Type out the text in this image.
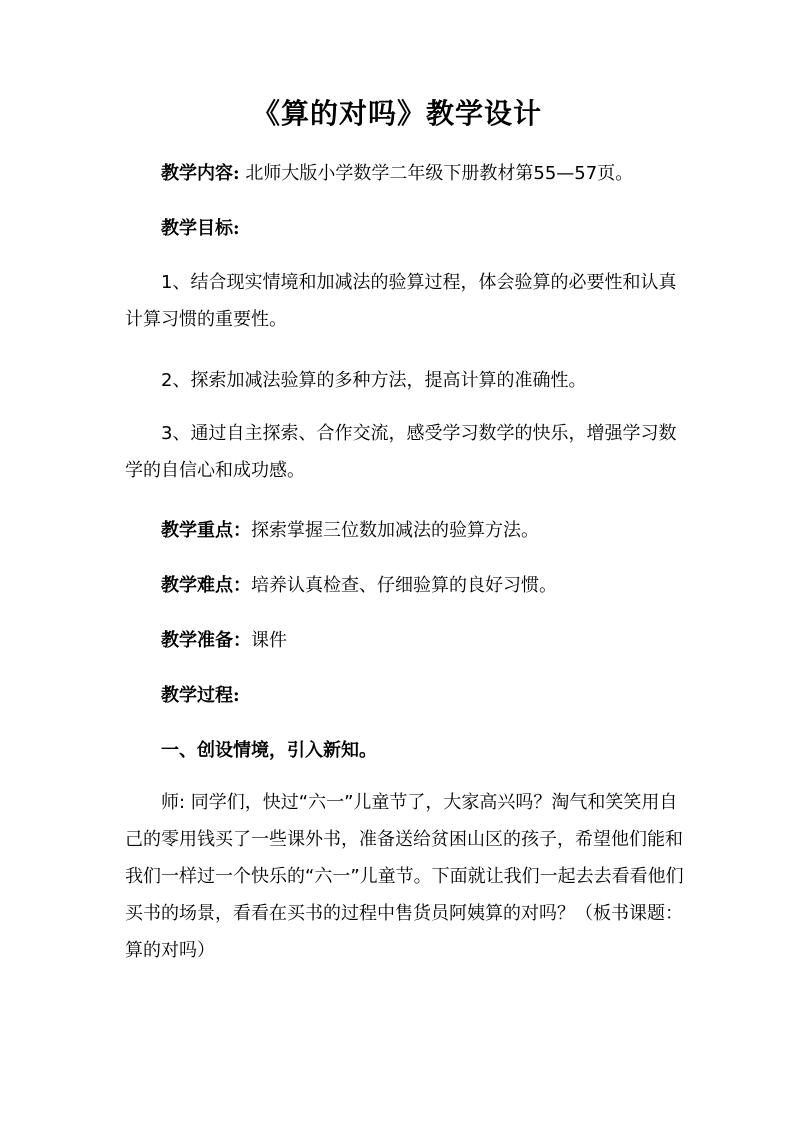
《算的对吗》教学设计
教学内容: 北师大版小学数学二年级下册教材第55—57页。
教学目标:
1、结合现实情境和加减法的验算过程，体会验算的必要性和认真计算习惯的重要性。
2、探索加减法验算的多种方法，提高计算的准确性。
3、通过自主探索、合作交流，感受学习数学的快乐，增强学习数学的自信心和成功感。
教学重点：探索掌握三位数加减法的验算方法。
教学难点：培养认真检查、仔细验算的良好习惯。
教学准备：课件
教学过程:
一、创设情境，引入新知。
师: 同学们，快过“六一”儿童节了，大家高兴吗？淘气和笑笑用自己的零用钱买了一些课外书，准备送给贫困山区的孩子，希望他们能和我们一样过一个快乐的“六一”儿童节。下面就让我们一起去去看看他们买书的场景，看看在买书的过程中售货员阿姨算的对吗？（板书课题：算的对吗）
